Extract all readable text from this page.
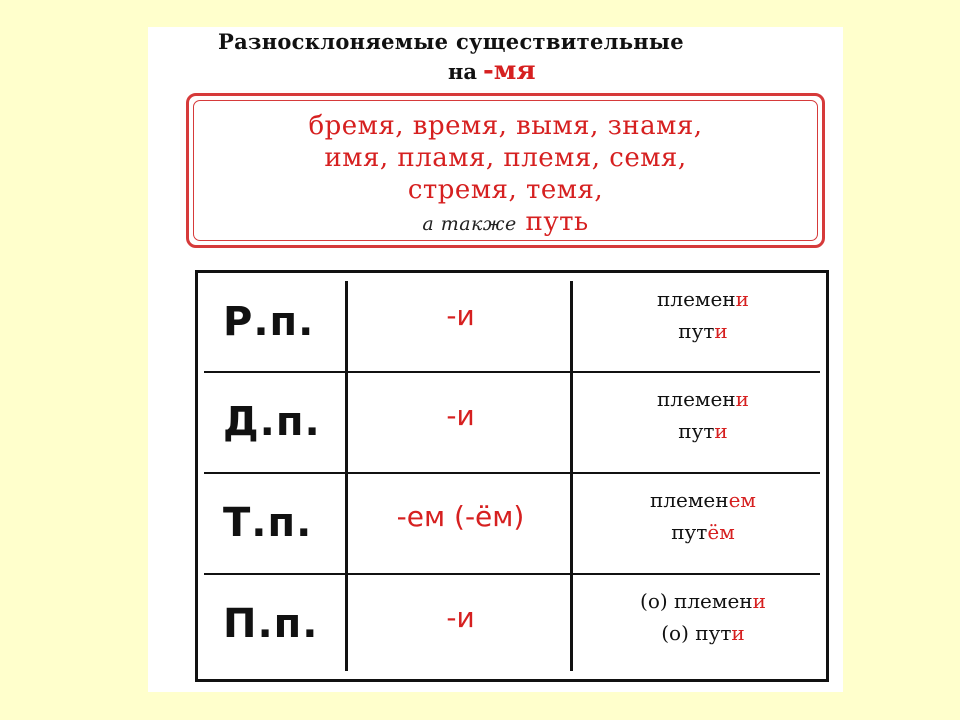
Разносклоняемые существительные
на -мя
бремя, время, вымя, знамя,
имя, пламя, племя, семя,
стремя, темя,
а также путь
Р.п.	-и	племени
пути
Д.п.	-и	племени
пути
Т.п.	-ем (-ём)	племенем
путём
П.п.	-и	(о) племени
(о) пути
